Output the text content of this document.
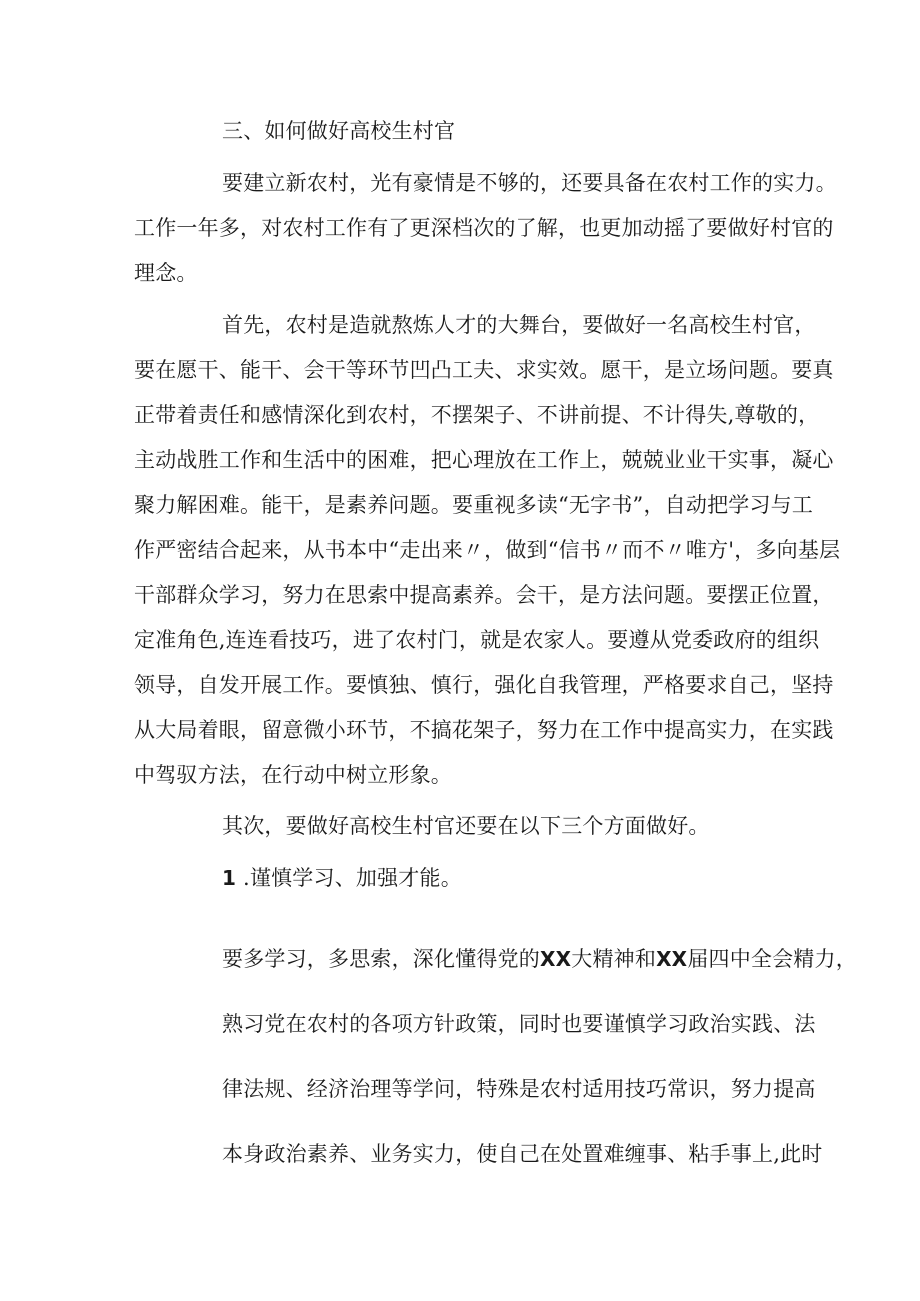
三、如何做好高校生村官

要建立新农村，光有豪情是不够的，还要具备在农村工作的实力。

工作一年多，对农村工作有了更深档次的了解，也更加动摇了要做好村官的

理念。

首先，农村是造就熬炼人才的大舞台，要做好一名高校生村官，

要在愿干、能干、会干等环节凹凸工夫、求实效。愿干，是立场问题。要真

正带着责任和感情深化到农村，不摆架子、不讲前提、不计得失,尊敬的，

主动战胜工作和生活中的困难，把心理放在工作上，兢兢业业干实事，凝心

聚力解困难。能干，是素养问题。要重视多读“无字书”，自动把学习与工

作严密结合起来，从书本中“走出来〃，做到“信书〃而不〃唯方'，多向基层

干部群众学习，努力在思索中提高素养。会干，是方法问题。要摆正位置，

定准角色,连连看技巧，进了农村门，就是农家人。要遵从党委政府的组织

领导，自发开展工作。要慎独、慎行，强化自我管理，严格要求自己，坚持

从大局着眼，留意微小环节，不搞花架子，努力在工作中提高实力，在实践

中驾驭方法，在行动中树立形象。

其次，要做好高校生村官还要在以下三个方面做好。

1 .谨慎学习、加强才能。

要多学习，多思索，深化懂得党的XX大精神和XX届四中全会精力，

熟习党在农村的各项方针政策，同时也要谨慎学习政治实践、法

律法规、经济治理等学问，特殊是农村适用技巧常识，努力提高

本身政治素养、业务实力，使自己在处置难缠事、粘手事上,此时
